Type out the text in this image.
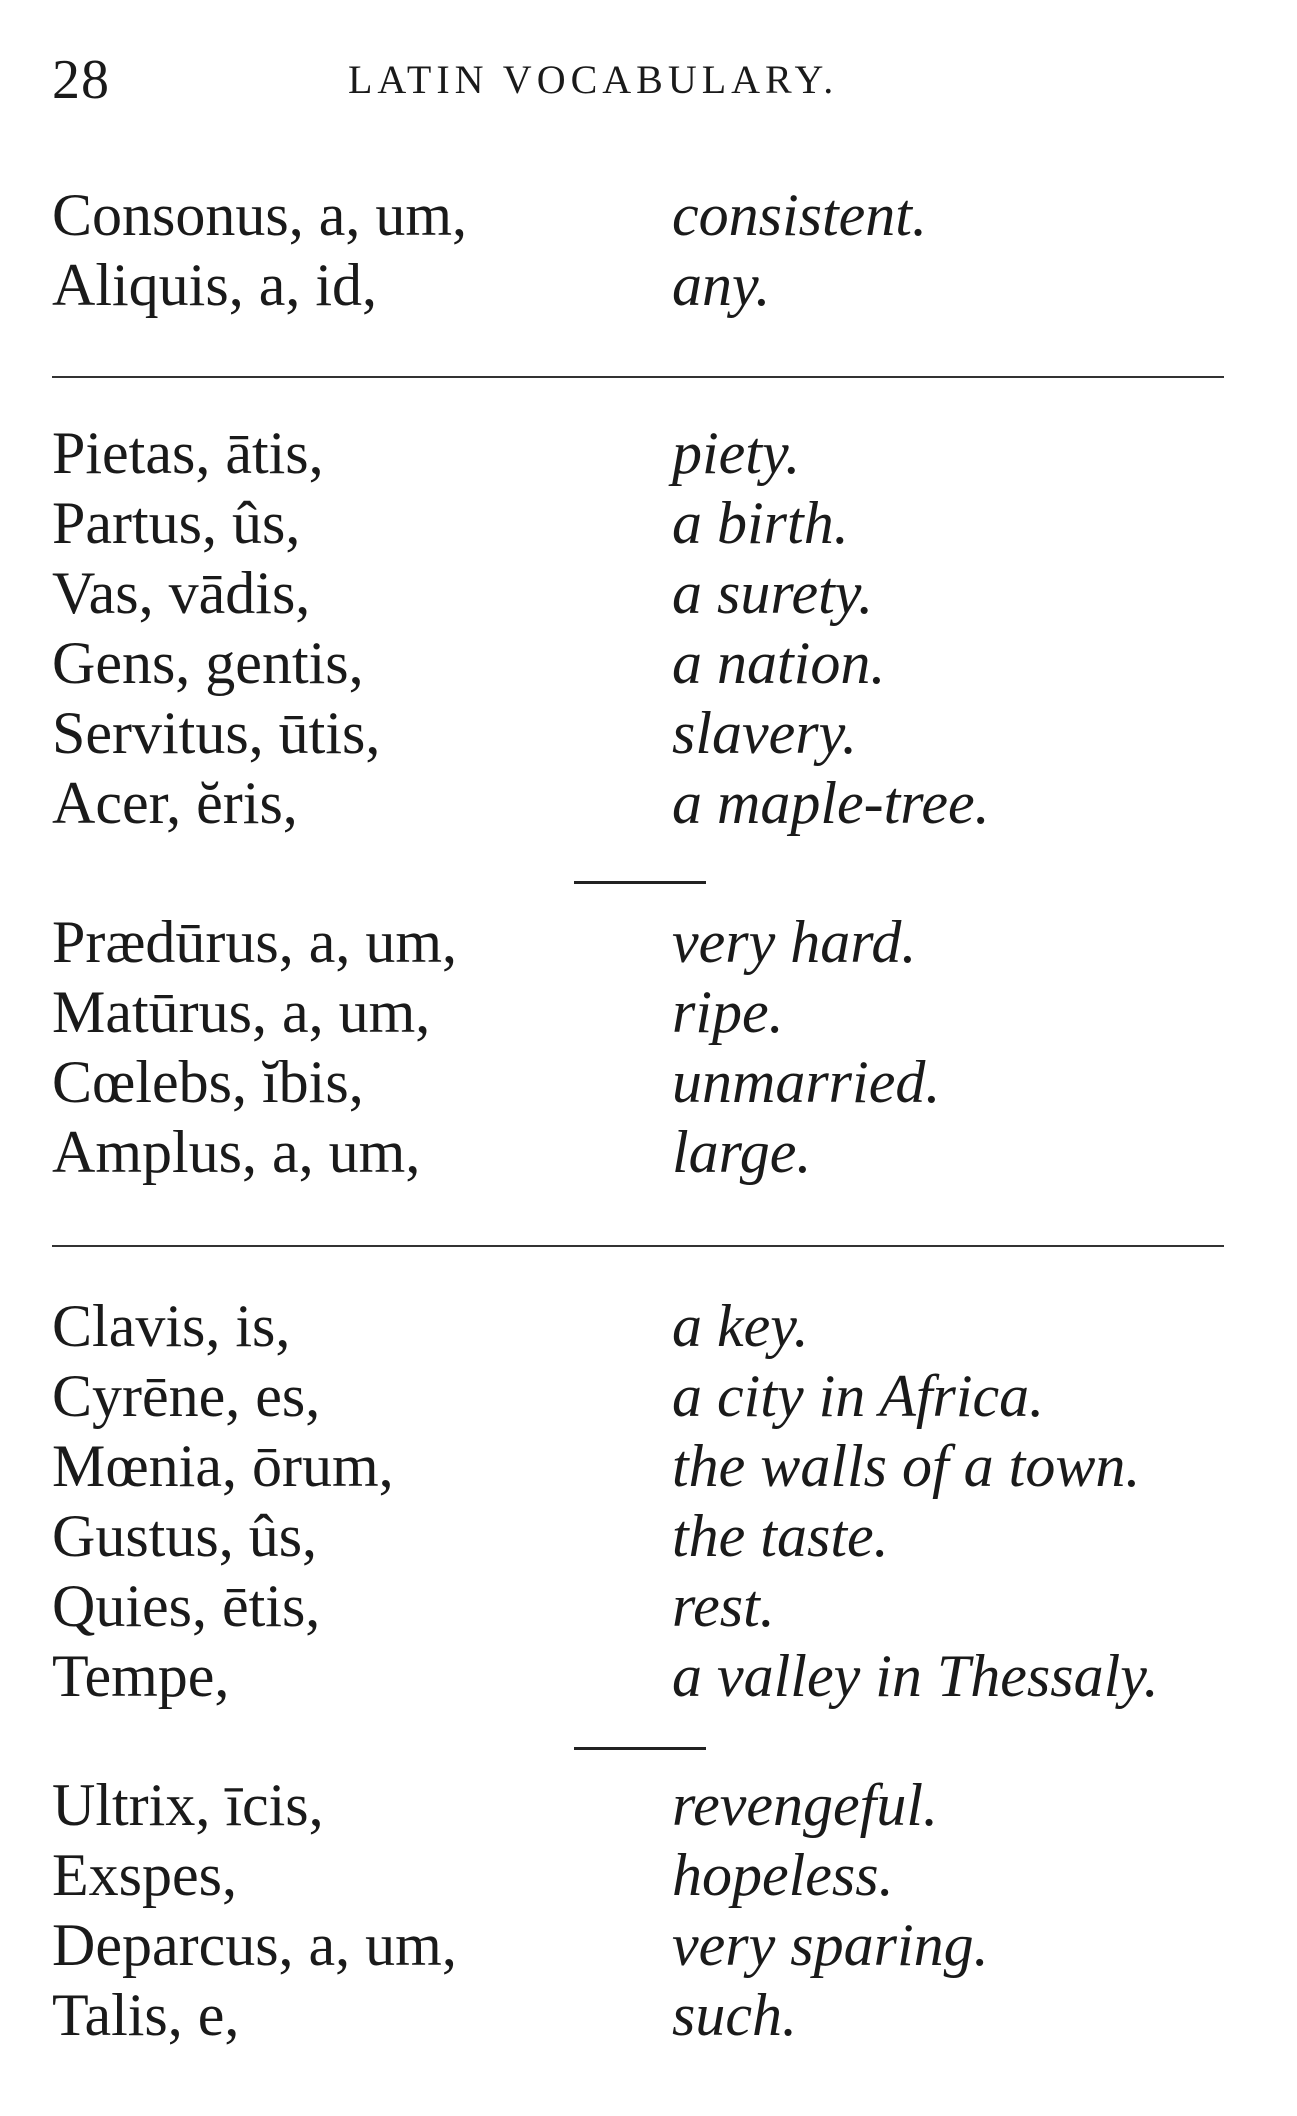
28	LATIN VOCABULARY.
Consonus, a, um,	consistent.
Aliquis, a, id,	any.
Pietas, ātis,	piety.
Partus, ûs,	a birth.
Vas, vādis,	a surety.
Gens, gentis,	a nation.
Servitus, ūtis,	slavery.
Acer, ĕris,	a maple-tree.
Prædūrus, a, um,	very hard.
Matūrus, a, um,	ripe.
Cœlebs, ĭbis,	unmarried.
Amplus, a, um,	large.
Clavis, is,	a key.
Cyrēne, es,	a city in Africa.
Mœnia, ōrum,	the walls of a town.
Gustus, ûs,	the taste.
Quies, ētis,	rest.
Tempe,	a valley in Thessaly.
Ultrix, īcis,	revengeful.
Exspes,	hopeless.
Deparcus, a, um,	very sparing.
Talis, e,	such.
